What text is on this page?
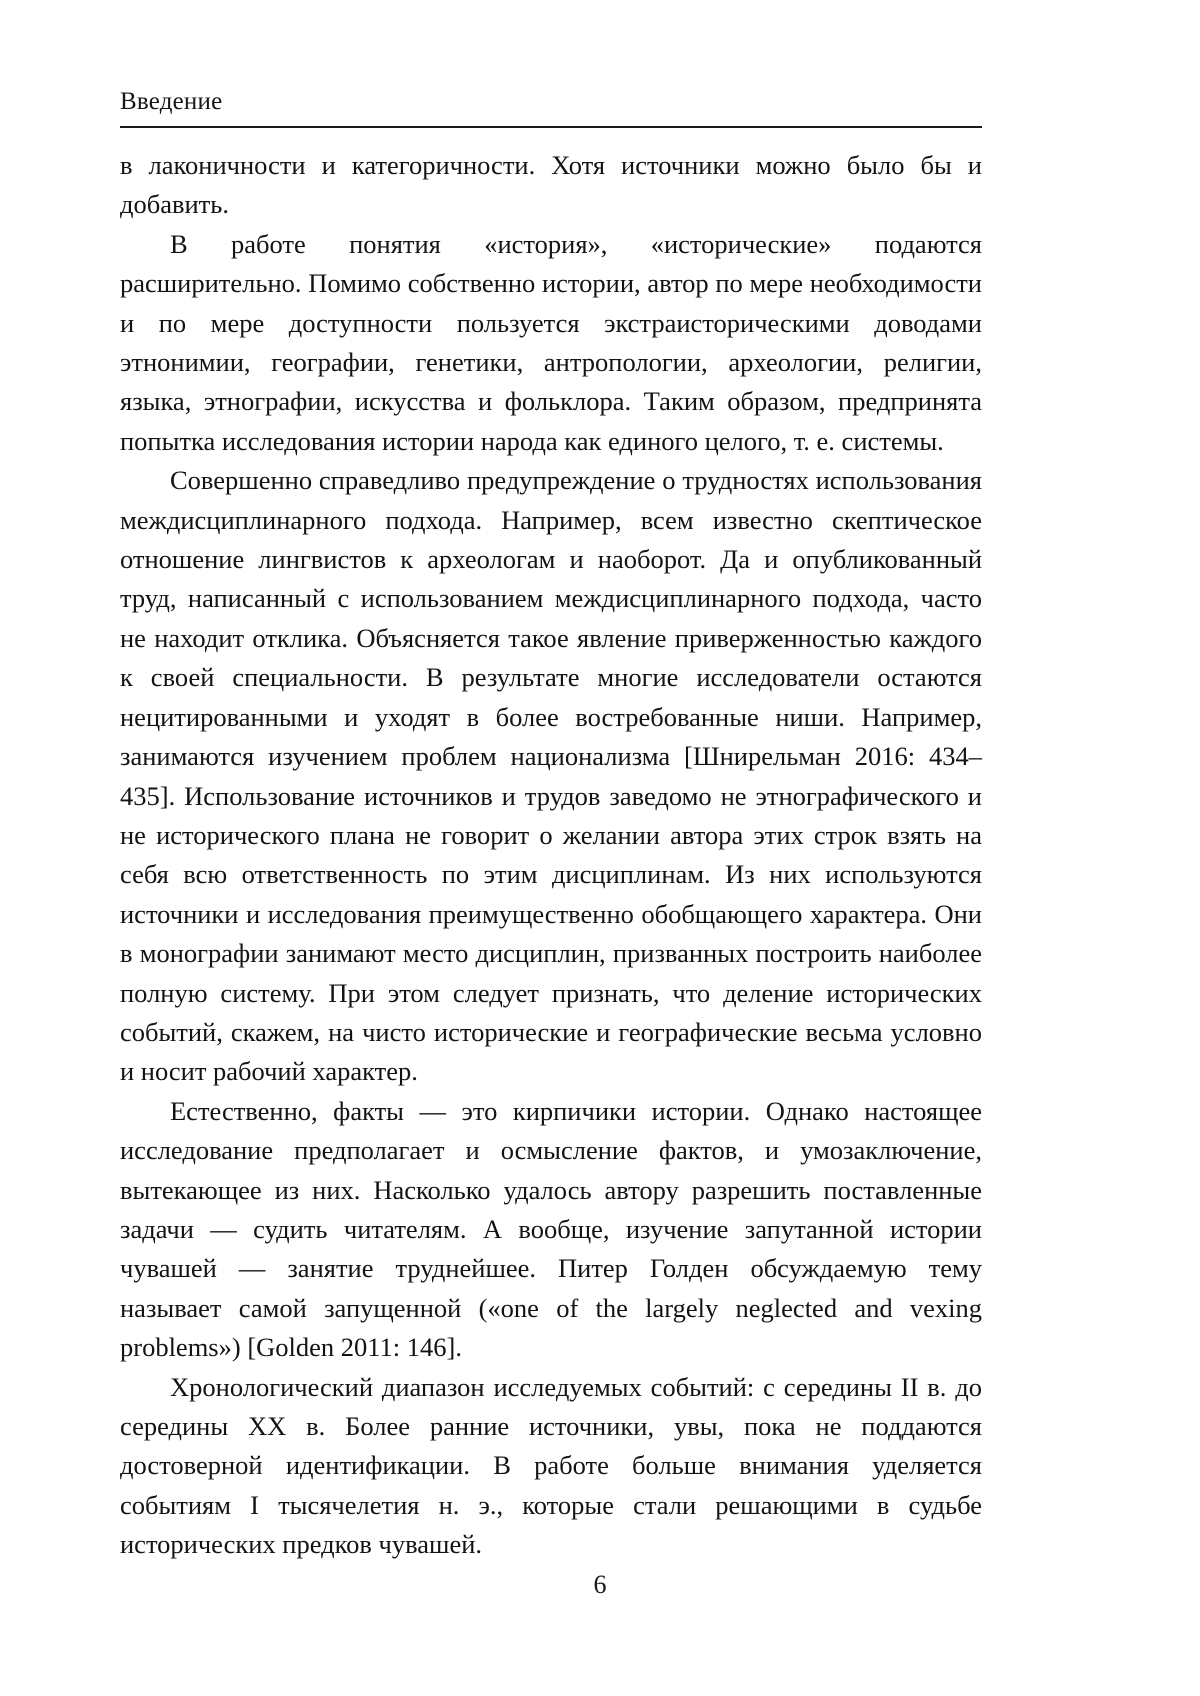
Введение

в лаконичности и категоричности. Хотя источники можно было бы и добавить.

В работе понятия «история», «исторические» подаются расширительно. Помимо собственно истории, автор по мере необходимости и по мере доступности пользуется экстраисторическими доводами этнонимии, географии, генетики, антропологии, археологии, религии, языка, этнографии, искусства и фольклора. Таким образом, предпринята попытка исследования истории народа как единого целого, т. е. системы.

Совершенно справедливо предупреждение о трудностях использования междисциплинарного подхода. Например, всем известно скептическое отношение лингвистов к археологам и наоборот. Да и опубликованный труд, написанный с использованием междисциплинарного подхода, часто не находит отклика. Объясняется такое явление приверженностью каждого к своей специальности. В результате многие исследователи остаются нецитированными и уходят в более востребованные ниши. Например, занимаются изучением проблем национализма [Шнирельман 2016: 434–435]. Использование источников и трудов заведомо не этнографического и не исторического плана не говорит о желании автора этих строк взять на себя всю ответственность по этим дисциплинам. Из них используются источники и исследования преимущественно обобщающего характера. Они в монографии занимают место дисциплин, призванных построить наиболее полную систему. При этом следует признать, что деление исторических событий, скажем, на чисто исторические и географические весьма условно и носит рабочий характер.

Естественно, факты — это кирпичики истории. Однако настоящее исследование предполагает и осмысление фактов, и умозаключение, вытекающее из них. Насколько удалось автору разрешить поставленные задачи — судить читателям. А вообще, изучение запутанной истории чувашей — занятие труднейшее. Питер Голден обсуждаемую тему называет самой запущенной («one of the largely neglected and vexing problems») [Golden 2011: 146].

Хронологический диапазон исследуемых событий: с середины II в. до середины XX в. Более ранние источники, увы, пока не поддаются достоверной идентификации. В работе больше внимания уделяется событиям I тысячелетия н. э., которые стали решающими в судьбе исторических предков чувашей.

6
